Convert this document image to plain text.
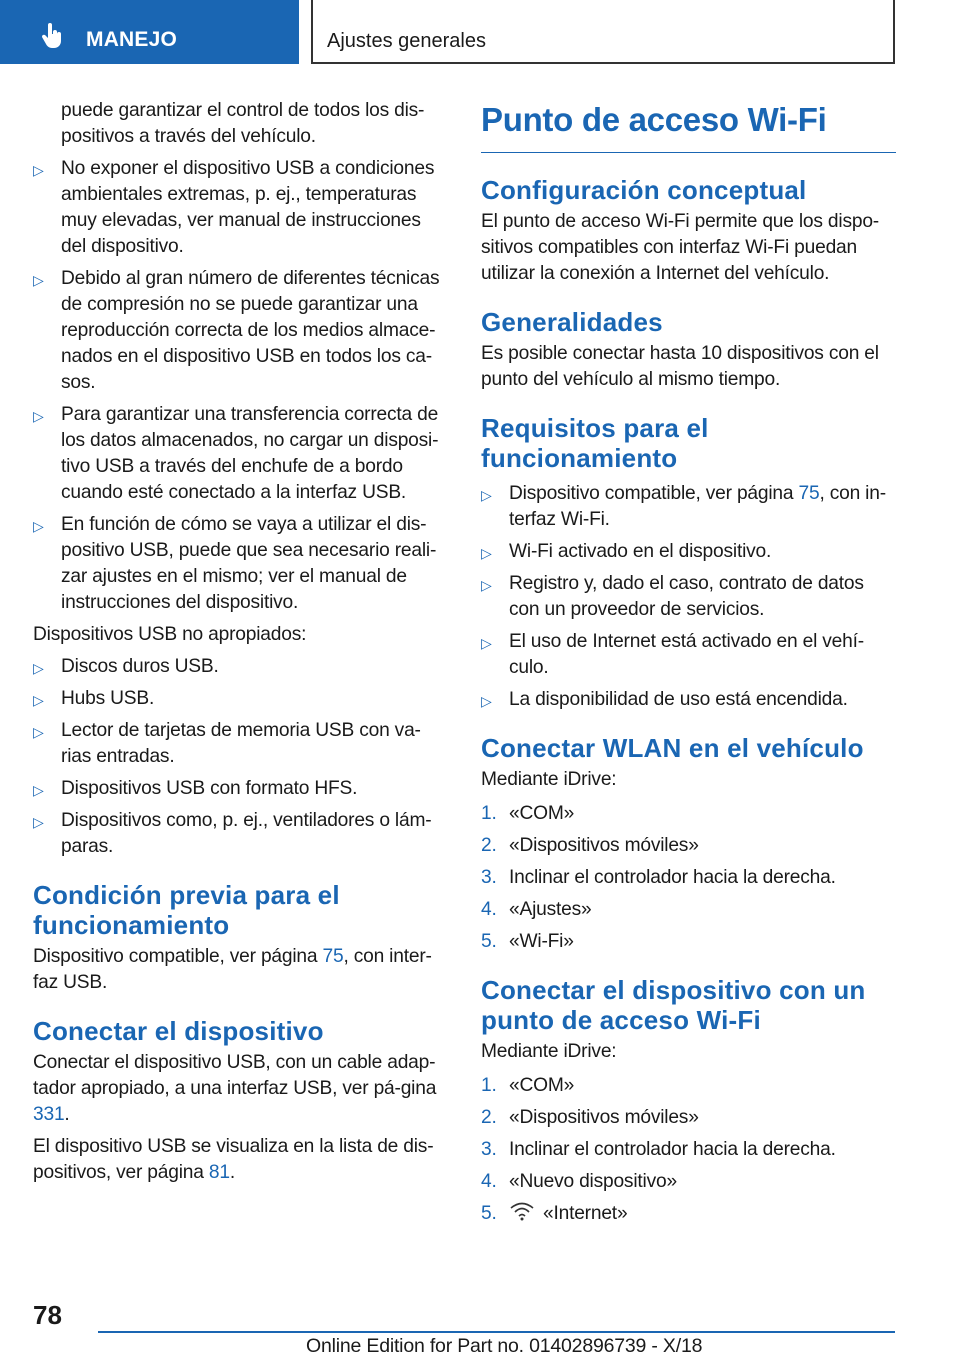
MANEJO	Ajustes generales
puede garantizar el control de todos los dis-positivos a través del vehículo.
▷ No exponer el dispositivo USB a condiciones ambientales extremas, p. ej., temperaturas muy elevadas, ver manual de instrucciones del dispositivo.
▷ Debido al gran número de diferentes técnicas de compresión no se puede garantizar una reproducción correcta de los medios almace-nados en el dispositivo USB en todos los ca-sos.
▷ Para garantizar una transferencia correcta de los datos almacenados, no cargar un disposi-tivo USB a través del enchufe de a bordo cuando esté conectado a la interfaz USB.
▷ En función de cómo se vaya a utilizar el dis-positivo USB, puede que sea necesario reali-zar ajustes en el mismo; ver el manual de instrucciones del dispositivo.
Dispositivos USB no apropiados:
▷ Discos duros USB.
▷ Hubs USB.
▷ Lector de tarjetas de memoria USB con va-rias entradas.
▷ Dispositivos USB con formato HFS.
▷ Dispositivos como, p. ej., ventiladores o lám-paras.
Condición previa para el funcionamiento
Dispositivo compatible, ver página 75, con inter-faz USB.
Conectar el dispositivo
Conectar el dispositivo USB, con un cable adap-tador apropiado, a una interfaz USB, ver pá-gina 331.
El dispositivo USB se visualiza en la lista de dis-positivos, ver página 81.
Punto de acceso Wi-Fi
Configuración conceptual
El punto de acceso Wi-Fi permite que los dispo-sitivos compatibles con interfaz Wi-Fi puedan utilizar la conexión a Internet del vehículo.
Generalidades
Es posible conectar hasta 10 dispositivos con el punto del vehículo al mismo tiempo.
Requisitos para el funcionamiento
▷ Dispositivo compatible, ver página 75, con in-terfaz Wi-Fi.
▷ Wi-Fi activado en el dispositivo.
▷ Registro y, dado el caso, contrato de datos con un proveedor de servicios.
▷ El uso de Internet está activado en el vehí-culo.
▷ La disponibilidad de uso está encendida.
Conectar WLAN en el vehículo
Mediante iDrive:
1. «COM»
2. «Dispositivos móviles»
3. Inclinar el controlador hacia la derecha.
4. «Ajustes»
5. «Wi-Fi»
Conectar el dispositivo con un punto de acceso Wi-Fi
Mediante iDrive:
1. «COM»
2. «Dispositivos móviles»
3. Inclinar el controlador hacia la derecha.
4. «Nuevo dispositivo»
5. «Internet»
78
Online Edition for Part no. 01402896739 - X/18
